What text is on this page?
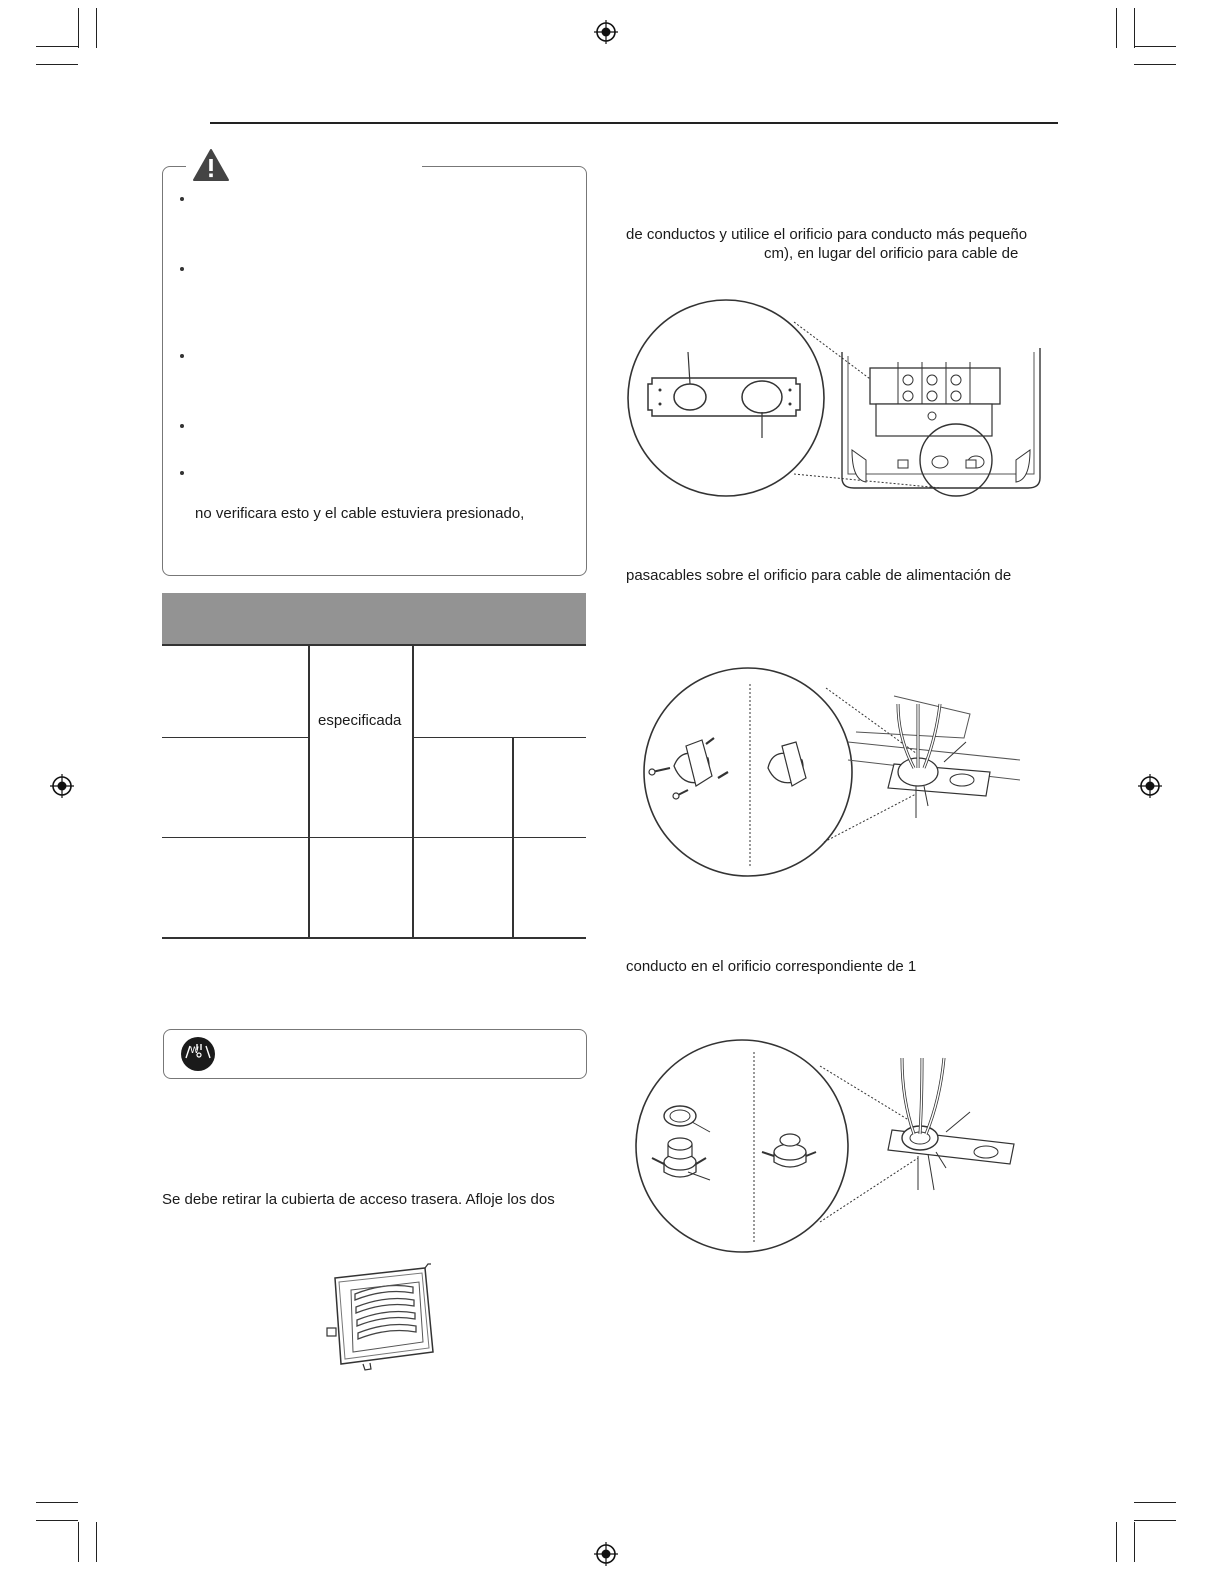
no verificara esto y el cable estuviera presionado,
especificada
W
Se debe retirar la cubierta de acceso trasera. Afloje los dos
de conductos y utilice el orificio para conducto más pequeño
cm), en lugar del orificio para cable de
pasacables sobre el orificio para cable de alimentación de
conducto en el orificio correspondiente de 1
